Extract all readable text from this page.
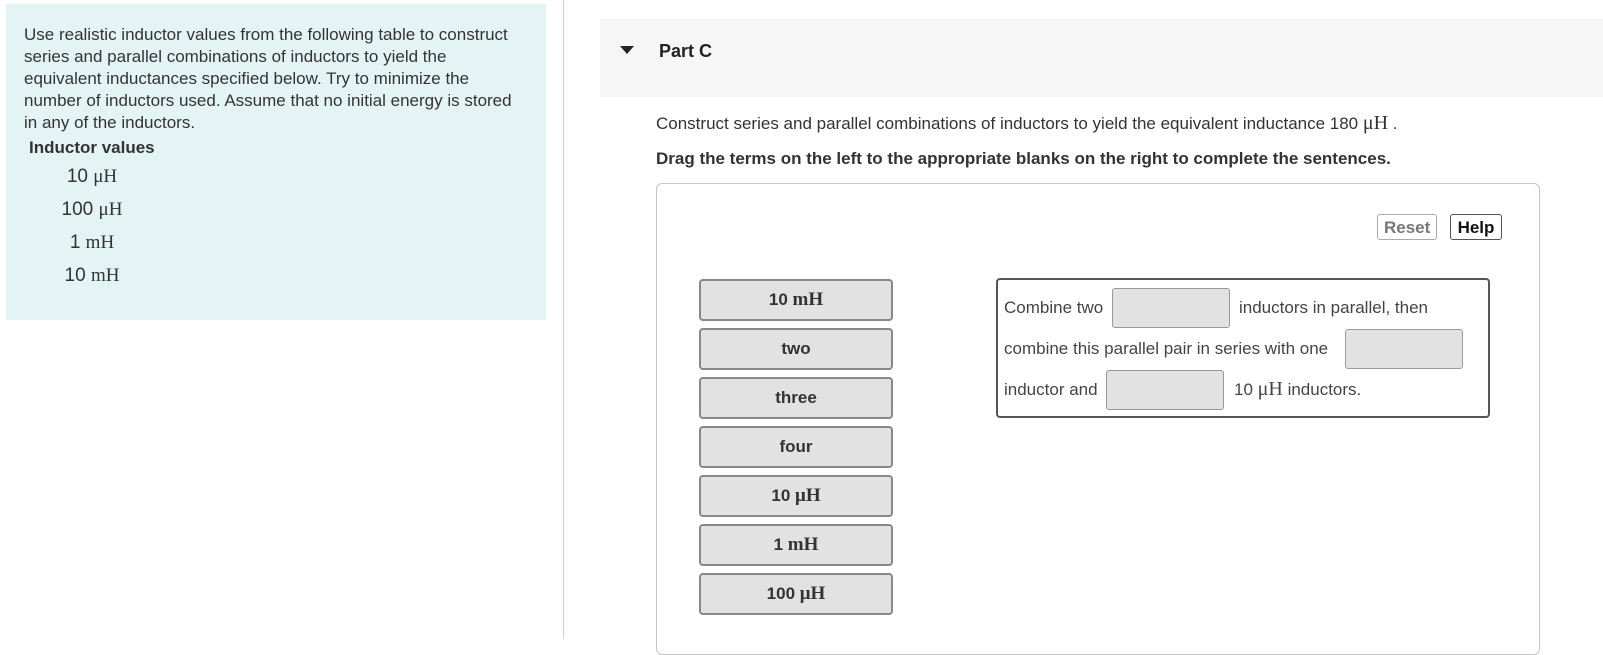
Use realistic inductor values from the following table to construct series and parallel combinations of inductors to yield the equivalent inductances specified below. Try to minimize the number of inductors used. Assume that no initial energy is stored in any of the inductors.
Inductor values
10 μH
100 μH
1 mH
10 mH
Part C
Construct series and parallel combinations of inductors to yield the equivalent inductance 180 μH .
Drag the terms on the left to the appropriate blanks on the right to complete the sentences.
Reset	Help
10 mH
two
three
four
10 μH
1 mH
100 μH
Combine two	inductors in parallel, then
combine this parallel pair in series with one
inductor and	10 μH inductors.
